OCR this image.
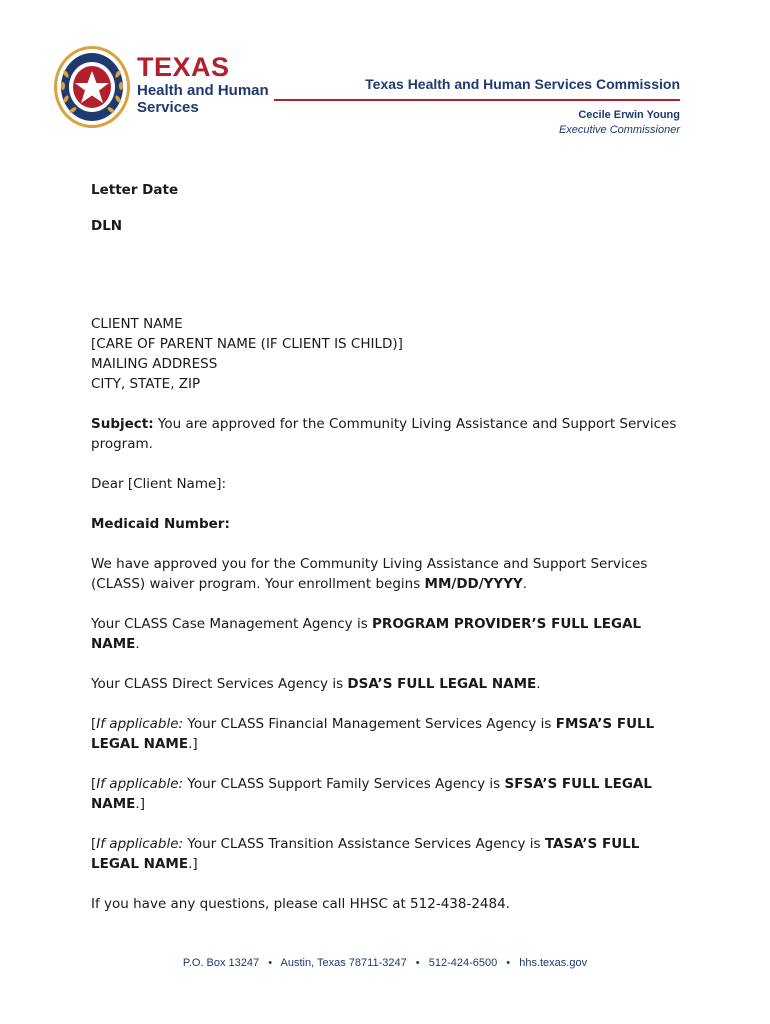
TEXAS
Health and Human
Services
Texas Health and Human Services Commission
Cecile Erwin Young
Executive Commissioner

Letter Date

DLN

CLIENT NAME
[CARE OF PARENT NAME (IF CLIENT IS CHILD)]
MAILING ADDRESS
CITY, STATE, ZIP

Subject: You are approved for the Community Living Assistance and Support Services program.

Dear [Client Name]:

Medicaid Number:

We have approved you for the Community Living Assistance and Support Services (CLASS) waiver program. Your enrollment begins MM/DD/YYYY.

Your CLASS Case Management Agency is PROGRAM PROVIDER’S FULL LEGAL NAME.

Your CLASS Direct Services Agency is DSA’S FULL LEGAL NAME.

[If applicable: Your CLASS Financial Management Services Agency is FMSA’S FULL LEGAL NAME.]

[If applicable: Your CLASS Support Family Services Agency is SFSA’S FULL LEGAL NAME.]

[If applicable: Your CLASS Transition Assistance Services Agency is TASA’S FULL LEGAL NAME.]

If you have any questions, please call HHSC at 512-438-2484.

P.O. Box 13247 • Austin, Texas 78711-3247 • 512-424-6500 • hhs.texas.gov
